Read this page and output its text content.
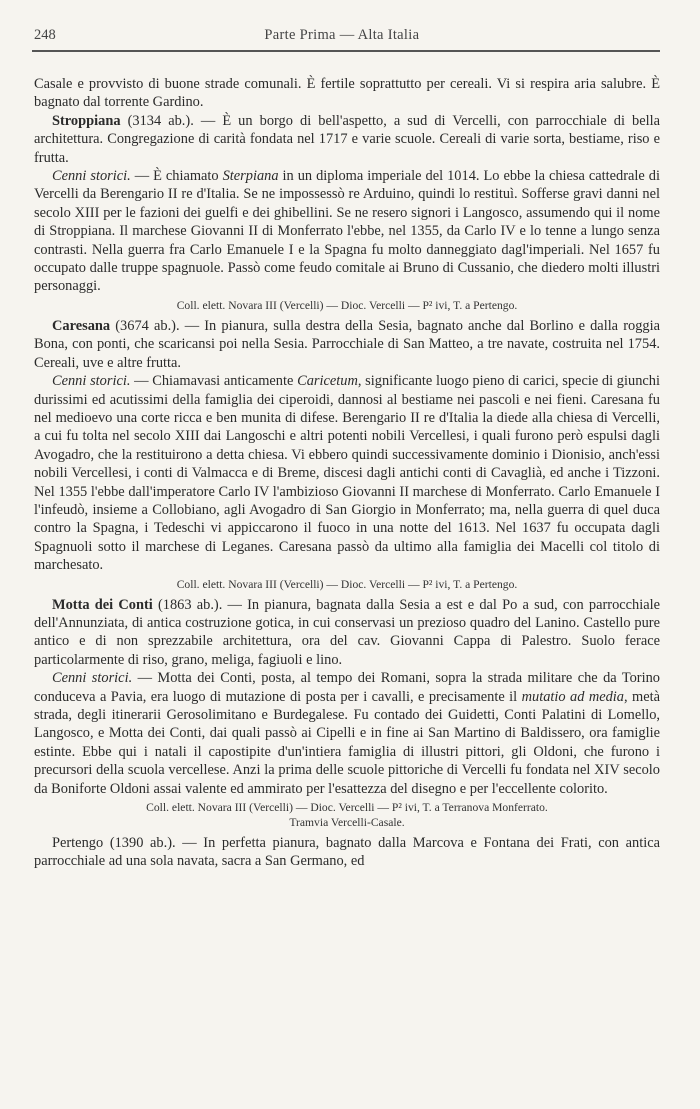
248	Parte Prima — Alta Italia

Casale e provvisto di buone strade comunali. È fertile soprattutto per cereali. Vi si respira aria salubre. È bagnato dal torrente Gardino.

Stroppiana (3134 ab.). — È un borgo di bell'aspetto, a sud di Vercelli, con parrocchiale di bella architettura. Congregazione di carità fondata nel 1717 e varie scuole. Cereali di varie sorta, bestiame, riso e frutta.

Cenni storici. — È chiamato Sterpiana in un diploma imperiale del 1014. Lo ebbe la chiesa cattedrale di Vercelli da Berengario II re d'Italia. Se ne impossessò re Arduino, quindi lo restituì. Sofferse gravi danni nel secolo XIII per le fazioni dei guelfi e dei ghibellini. Se ne resero signori i Langosco, assumendo qui il nome di Stroppiana. Il marchese Giovanni II di Monferrato l'ebbe, nel 1355, da Carlo IV e lo tenne a lungo senza contrasti. Nella guerra fra Carlo Emanuele I e la Spagna fu molto danneggiato dagl'imperiali. Nel 1657 fu occupato dalle truppe spagnuole. Passò come feudo comitale ai Bruno di Cussanio, che diedero molti illustri personaggi.

Coll. elett. Novara III (Vercelli) — Dioc. Vercelli — P² ivi, T. a Pertengo.

Caresana (3674 ab.). — In pianura, sulla destra della Sesia, bagnato anche dal Borlino e dalla roggia Bona, con ponti, che scaricansi poi nella Sesia. Parrocchiale di San Matteo, a tre navate, costruita nel 1754. Cereali, uve e altre frutta.

Cenni storici. — Chiamavasi anticamente Caricetum, significante luogo pieno di carici, specie di giunchi durissimi ed acutissimi della famiglia dei ciperoidi, dannosi al bestiame nei pascoli e nei fieni. Caresana fu nel medioevo una corte ricca e ben munita di difese. Berengario II re d'Italia la diede alla chiesa di Vercelli, a cui fu tolta nel secolo XIII dai Langoschi e altri potenti nobili Vercellesi, i quali furono però espulsi dagli Avogadro, che la restituirono a detta chiesa. Vi ebbero quindi successivamente dominio i Dionisio, anch'essi nobili Vercellesi, i conti di Valmacca e di Breme, discesi dagli antichi conti di Cavaglià, ed anche i Tizzoni. Nel 1355 l'ebbe dall'imperatore Carlo IV l'ambizioso Giovanni II marchese di Monferrato. Carlo Emanuele I l'infeudò, insieme a Collobiano, agli Avogadro di San Giorgio in Monferrato; ma, nella guerra di quel duca contro la Spagna, i Tedeschi vi appiccarono il fuoco in una notte del 1613. Nel 1637 fu occupata dagli Spagnuoli sotto il marchese di Leganes. Caresana passò da ultimo alla famiglia dei Macelli col titolo di marchesato.

Coll. elett. Novara III (Vercelli) — Dioc. Vercelli — P² ivi, T. a Pertengo.

Motta dei Conti (1863 ab.). — In pianura, bagnata dalla Sesia a est e dal Po a sud, con parrocchiale dell'Annunziata, di antica costruzione gotica, in cui conservasi un prezioso quadro del Lanino. Castello pure antico e di non sprezzabile architettura, ora del cav. Giovanni Cappa di Palestro. Suolo ferace particolarmente di riso, grano, meliga, fagiuoli e lino.

Cenni storici. — Motta dei Conti, posta, al tempo dei Romani, sopra la strada militare che da Torino conduceva a Pavia, era luogo di mutazione di posta per i cavalli, e precisamente il mutatio ad media, metà strada, degli itinerarii Gerosolimitano e Burdegalese. Fu contado dei Guidetti, Conti Palatini di Lomello, Langosco, e Motta dei Conti, dai quali passò ai Cipelli e in fine ai San Martino di Baldissero, ora famiglie estinte. Ebbe qui i natali il capostipite d'un'intiera famiglia di illustri pittori, gli Oldoni, che furono i precursori della scuola vercellese. Anzi la prima delle scuole pittoriche di Vercelli fu fondata nel XIV secolo da Boniforte Oldoni assai valente ed ammirato per l'esattezza del disegno e per l'eccellente colorito.

Coll. elett. Novara III (Vercelli) — Dioc. Vercelli — P² ivi, T. a Terranova Monferrato.
Tramvia Vercelli-Casale.

Pertengo (1390 ab.). — In perfetta pianura, bagnato dalla Marcova e Fontana dei Frati, con antica parrocchiale ad una sola navata, sacra a San Germano, ed
